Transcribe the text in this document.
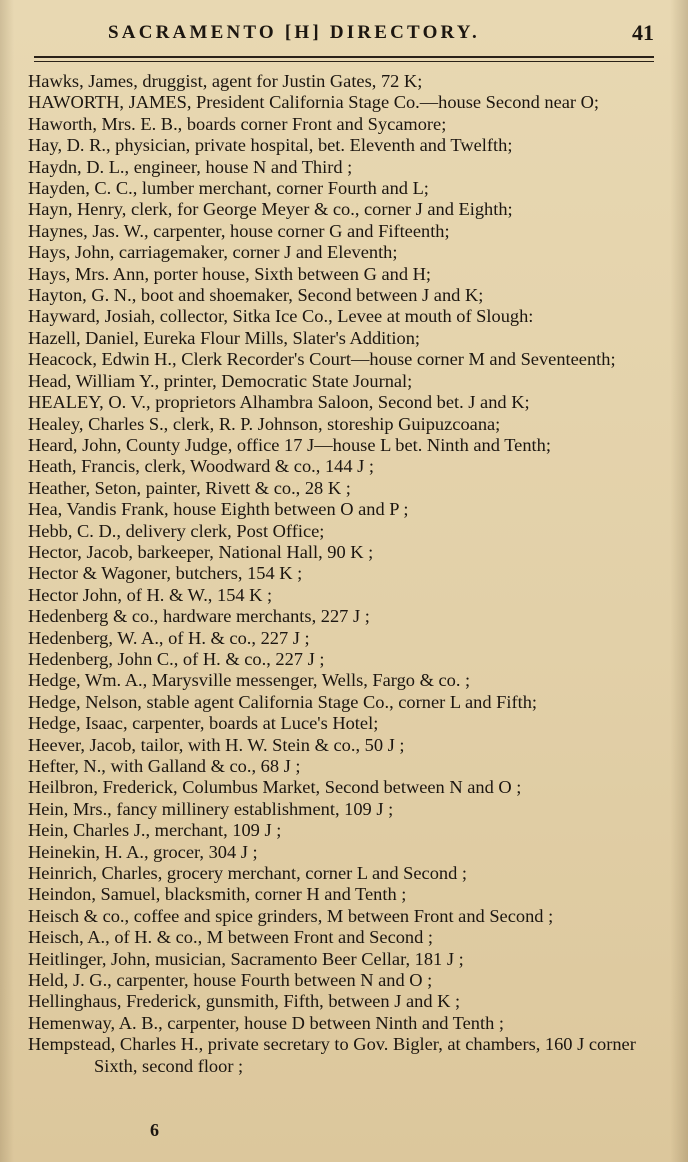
SACRAMENTO [H] DIRECTORY.	41
Hawks, James, druggist, agent for Justin Gates, 72 K;
HAWORTH, JAMES, President California Stage Co.—house Second near O;
Haworth, Mrs. E. B., boards corner Front and Sycamore;
Hay, D. R., physician, private hospital, bet. Eleventh and Twelfth;
Haydn, D. L., engineer, house N and Third ;
Hayden, C. C., lumber merchant, corner Fourth and L;
Hayn, Henry, clerk, for George Meyer & co., corner J and Eighth;
Haynes, Jas. W., carpenter, house corner G and Fifteenth;
Hays, John, carriagemaker, corner J and Eleventh;
Hays, Mrs. Ann, porter house, Sixth between G and H;
Hayton, G. N., boot and shoemaker, Second between J and K;
Hayward, Josiah, collector, Sitka Ice Co., Levee at mouth of Slough:
Hazell, Daniel, Eureka Flour Mills, Slater's Addition;
Heacock, Edwin H., Clerk Recorder's Court—house corner M and Seventeenth;
Head, William Y., printer, Democratic State Journal;
HEALEY, O. V., proprietors Alhambra Saloon, Second bet. J and K;
Healey, Charles S., clerk, R. P. Johnson, storeship Guipuzcoana;
Heard, John, County Judge, office 17 J—house L bet. Ninth and Tenth;
Heath, Francis, clerk, Woodward & co., 144 J ;
Heather, Seton, painter, Rivett & co., 28 K ;
Hea, Vandis Frank, house Eighth between O and P ;
Hebb, C. D., delivery clerk, Post Office;
Hector, Jacob, barkeeper, National Hall, 90 K ;
Hector & Wagoner, butchers, 154 K ;
Hector John, of H. & W., 154 K ;
Hedenberg & co., hardware merchants, 227 J ;
Hedenberg, W. A., of H. & co., 227 J ;
Hedenberg, John C., of H. & co., 227 J ;
Hedge, Wm. A., Marysville messenger, Wells, Fargo & co. ;
Hedge, Nelson, stable agent California Stage Co., corner L and Fifth;
Hedge, Isaac, carpenter, boards at Luce's Hotel;
Heever, Jacob, tailor, with H. W. Stein & co., 50 J ;
Hefter, N., with Galland & co., 68 J ;
Heilbron, Frederick, Columbus Market, Second between N and O ;
Hein, Mrs., fancy millinery establishment, 109 J ;
Hein, Charles J., merchant, 109 J ;
Heinekin, H. A., grocer, 304 J ;
Heinrich, Charles, grocery merchant, corner L and Second ;
Heindon, Samuel, blacksmith, corner H and Tenth ;
Heisch & co., coffee and spice grinders, M between Front and Second ;
Heisch, A., of H. & co., M between Front and Second ;
Heitlinger, John, musician, Sacramento Beer Cellar, 181 J ;
Held, J. G., carpenter, house Fourth between N and O ;
Hellinghaus, Frederick, gunsmith, Fifth, between J and K ;
Hemenway, A. B., carpenter, house D between Ninth and Tenth ;
Hempstead, Charles H., private secretary to Gov. Bigler, at chambers, 160 J corner Sixth, second floor ;
6
